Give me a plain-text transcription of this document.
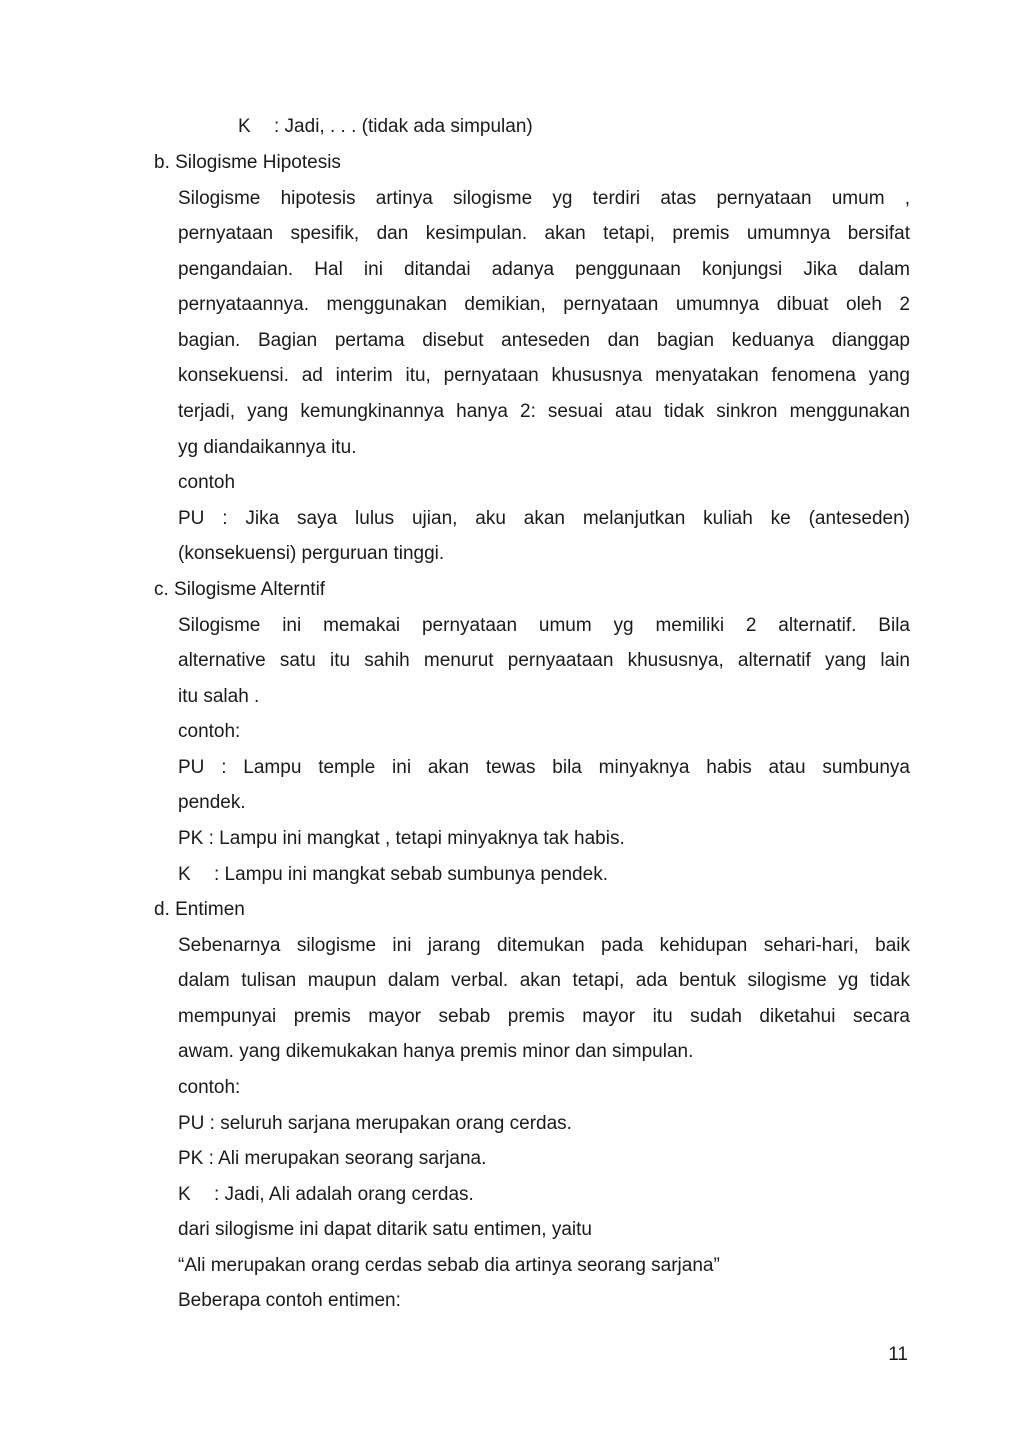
K : Jadi, . . . (tidak ada simpulan)
b. Silogisme Hipotesis
Silogisme hipotesis artinya silogisme yg terdiri atas pernyataan umum ,
pernyataan spesifik, dan kesimpulan. akan tetapi, premis umumnya bersifat
pengandaian. Hal ini ditandai adanya penggunaan konjungsi Jika dalam
pernyataannya. menggunakan demikian, pernyataan umumnya dibuat oleh 2
bagian. Bagian pertama disebut anteseden dan bagian keduanya dianggap
konsekuensi. ad interim itu, pernyataan khususnya menyatakan fenomena yang
terjadi, yang kemungkinannya hanya 2: sesuai atau tidak sinkron menggunakan
yg diandaikannya itu.
contoh
PU : Jika saya lulus ujian, aku akan melanjutkan kuliah ke (anteseden)
(konsekuensi) perguruan tinggi.
c. Silogisme Alterntif
Silogisme ini memakai pernyataan umum yg memiliki 2 alternatif. Bila
alternative satu itu sahih menurut pernyaataan khususnya, alternatif yang lain
itu salah .
contoh:
PU : Lampu temple ini akan tewas bila minyaknya habis atau sumbunya
pendek.
PK : Lampu ini mangkat , tetapi minyaknya tak habis.
K : Lampu ini mangkat sebab sumbunya pendek.
d. Entimen
Sebenarnya silogisme ini jarang ditemukan pada kehidupan sehari-hari, baik
dalam tulisan maupun dalam verbal. akan tetapi, ada bentuk silogisme yg tidak
mempunyai premis mayor sebab premis mayor itu sudah diketahui secara
awam. yang dikemukakan hanya premis minor dan simpulan.
contoh:
PU : seluruh sarjana merupakan orang cerdas.
PK : Ali merupakan seorang sarjana.
K : Jadi, Ali adalah orang cerdas.
dari silogisme ini dapat ditarik satu entimen, yaitu
“Ali merupakan orang cerdas sebab dia artinya seorang sarjana”
Beberapa contoh entimen:
11
